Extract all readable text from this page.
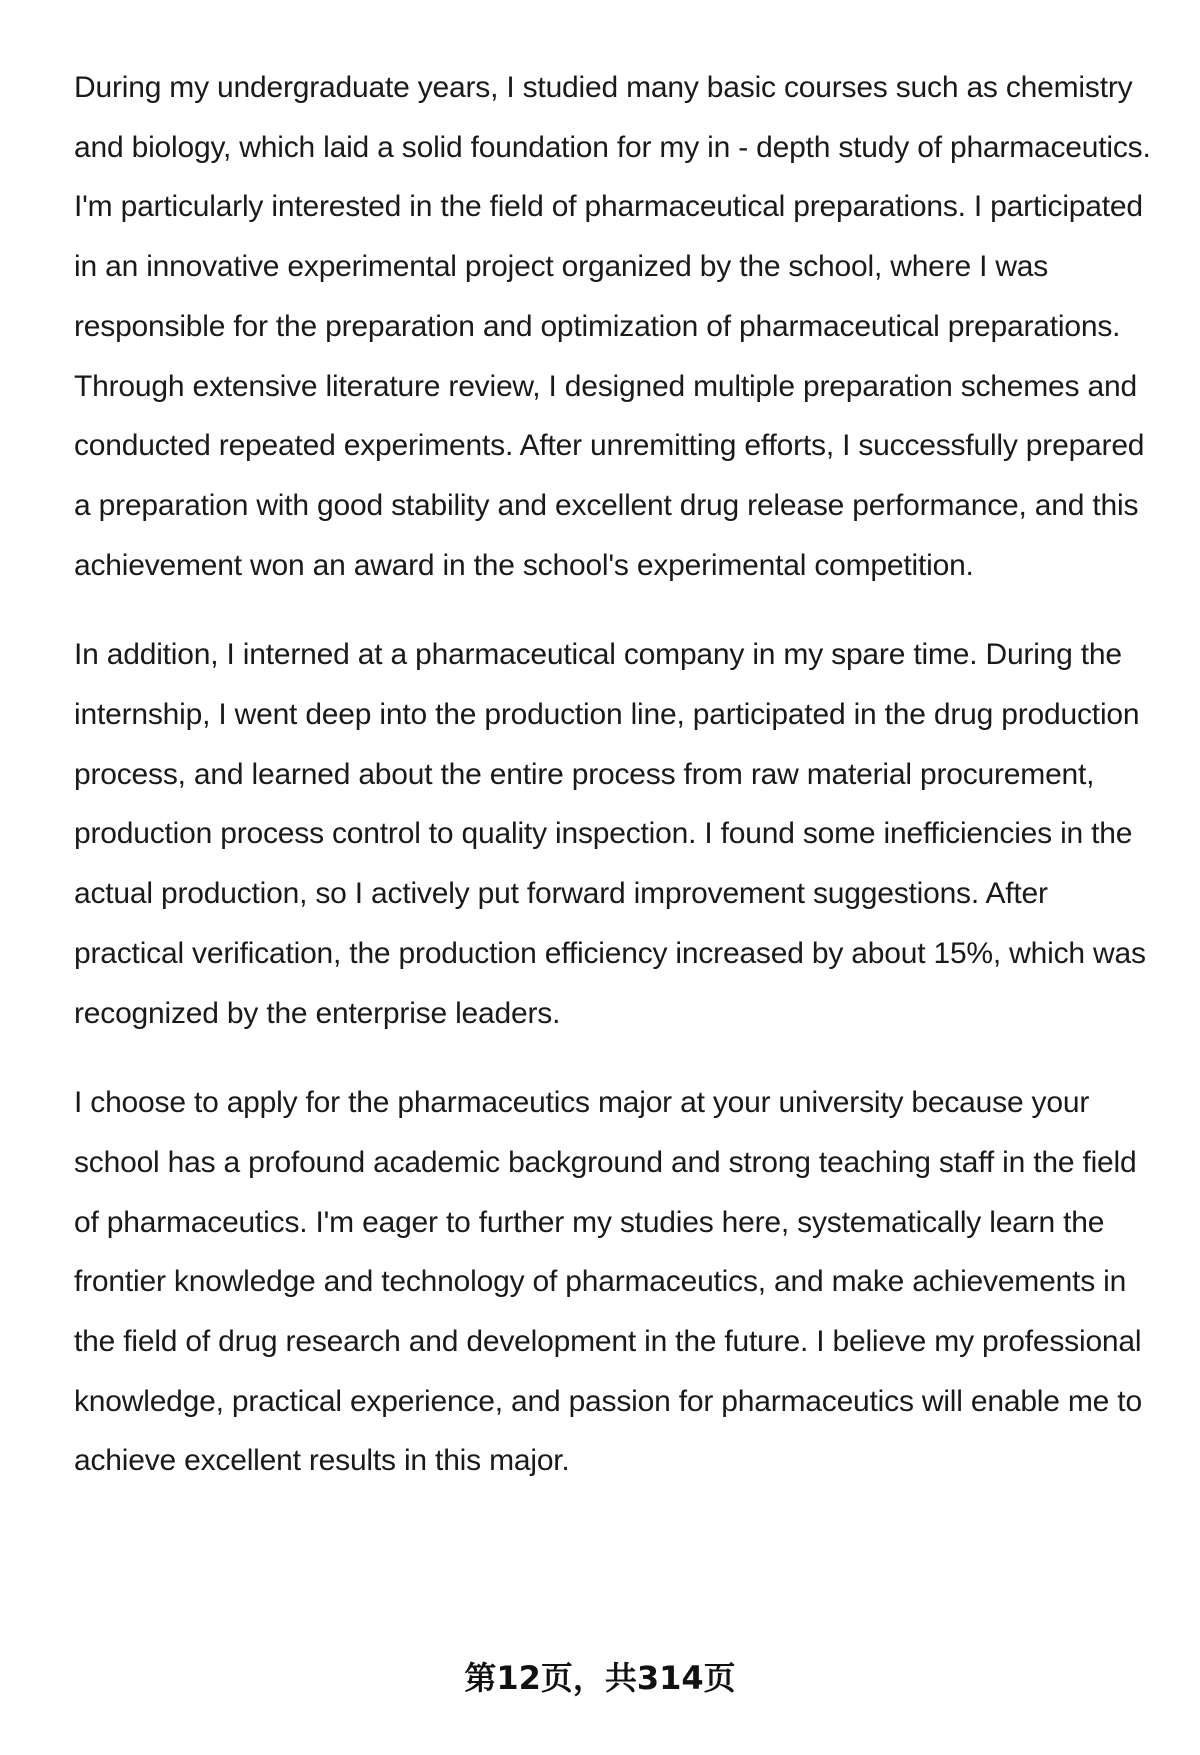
During my undergraduate years, I studied many basic courses such as chemistry and biology, which laid a solid foundation for my in - depth study of pharmaceutics. I'm particularly interested in the field of pharmaceutical preparations. I participated in an innovative experimental project organized by the school, where I was responsible for the preparation and optimization of pharmaceutical preparations. Through extensive literature review, I designed multiple preparation schemes and conducted repeated experiments. After unremitting efforts, I successfully prepared a preparation with good stability and excellent drug release performance, and this achievement won an award in the school's experimental competition.

In addition, I interned at a pharmaceutical company in my spare time. During the internship, I went deep into the production line, participated in the drug production process, and learned about the entire process from raw material procurement, production process control to quality inspection. I found some inefficiencies in the actual production, so I actively put forward improvement suggestions. After practical verification, the production efficiency increased by about 15%, which was recognized by the enterprise leaders.

I choose to apply for the pharmaceutics major at your university because your school has a profound academic background and strong teaching staff in the field of pharmaceutics. I'm eager to further my studies here, systematically learn the frontier knowledge and technology of pharmaceutics, and make achievements in the field of drug research and development in the future. I believe my professional knowledge, practical experience, and passion for pharmaceutics will enable me to achieve excellent results in this major.

第12页，共314页
